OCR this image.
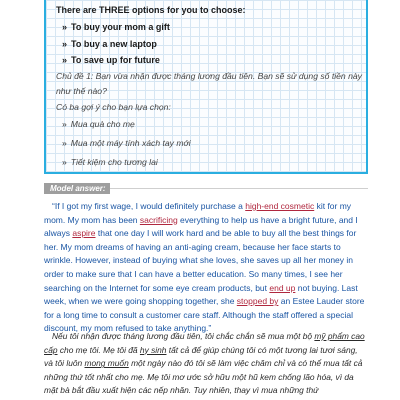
There are THREE options for you to choose:
» To buy your mom a gift
» To buy a new laptop
» To save up for future
Chủ đề 1: Bạn vừa nhận được tháng lương đầu tiên. Bạn sẽ sử dụng số tiền này như thế nào?
Có ba gợi ý cho bạn lựa chọn:
» Mua quà cho mẹ
» Mua một máy tính xách tay mới
» Tiết kiệm cho tương lai
Model answer:
“If I got my first wage, I would definitely purchase a high-end cosmetic kit for my mom. My mom has been sacrificing everything to help us have a bright future, and I always aspire that one day I will work hard and be able to buy all the best things for her. My mom dreams of having an anti-aging cream, because her face starts to wrinkle. However, instead of buying what she loves, she saves up all her money in order to make sure that I can have a better education. So many times, I see her searching on the Internet for some eye cream products, but end up not buying. Last week, when we were going shopping together, she stopped by an Estee Lauder store for a long time to consult a customer care staff. Although the staff offered a special discount, my mom refused to take anything.”
Nếu tôi nhận được tháng lương đầu tiên, tôi chắc chắn sẽ mua một bộ mỹ phẩm cao cấp cho mẹ tôi. Mẹ tôi đã hy sinh tất cả để giúp chúng tôi có một tương lai tươi sáng, và tôi luôn mong muốn một ngày nào đó tôi sẽ làm việc chăm chỉ và có thể mua tất cả những thứ tốt nhất cho mẹ. Mẹ tôi mơ ước sở hữu một hũ kem chống lão hóa, vì da mặt bà bắt đầu xuất hiện các nếp nhăn. Tuy nhiên, thay vì mua những thứ
